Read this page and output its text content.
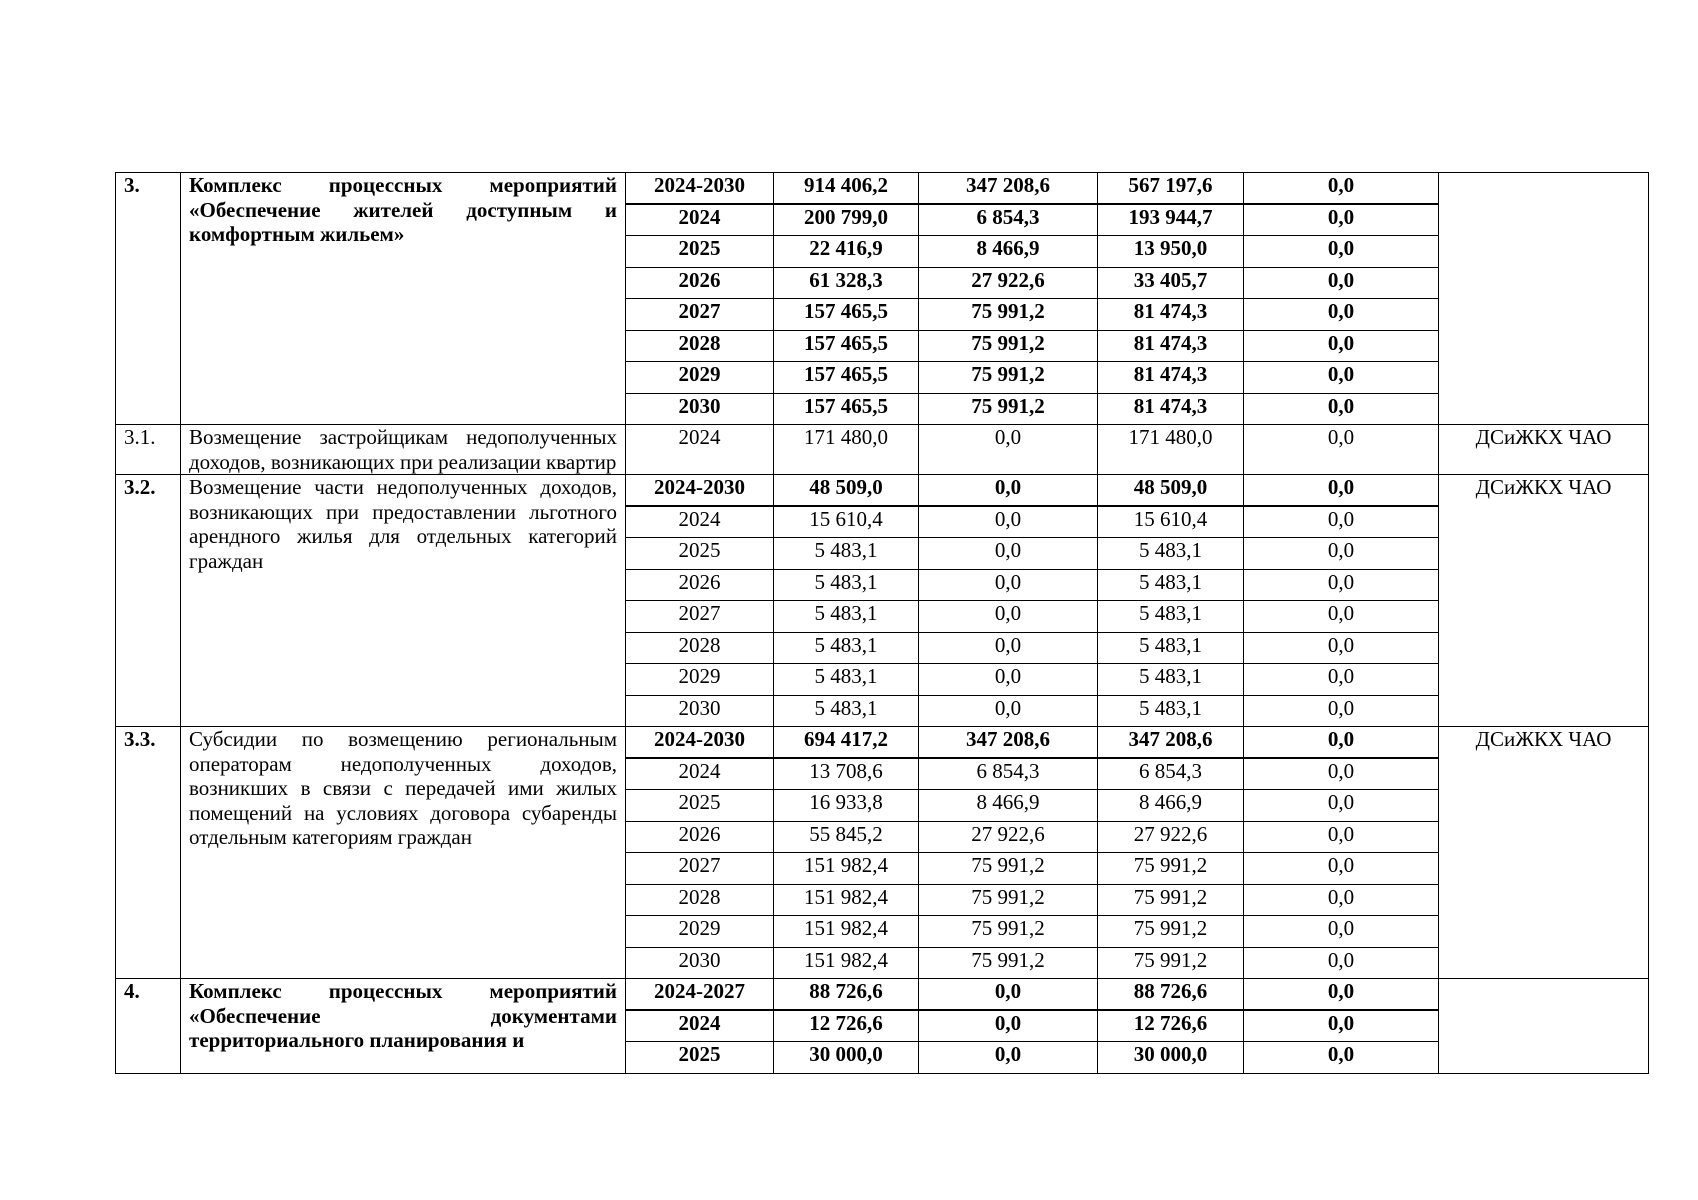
3.	Комплекс процессных мероприятий «Обеспечение жителей доступным и комфортным жильем»	2024-2030	914 406,2	347 208,6	567 197,6	0,0	
		2024	200 799,0	6 854,3	193 944,7	0,0	
		2025	22 416,9	8 466,9	13 950,0	0,0	
		2026	61 328,3	27 922,6	33 405,7	0,0	
		2027	157 465,5	75 991,2	81 474,3	0,0	
		2028	157 465,5	75 991,2	81 474,3	0,0	
		2029	157 465,5	75 991,2	81 474,3	0,0	
		2030	157 465,5	75 991,2	81 474,3	0,0	
3.1.	Возмещение застройщикам недополученных доходов, возникающих при реализации квартир	2024	171 480,0	0,0	171 480,0	0,0	ДСиЖКХ ЧАО
3.2.	Возмещение части недополученных доходов, возникающих при предоставлении льготного арендного жилья для отдельных категорий граждан	2024-2030	48 509,0	0,0	48 509,0	0,0	ДСиЖКХ ЧАО
		2024	15 610,4	0,0	15 610,4	0,0	
		2025	5 483,1	0,0	5 483,1	0,0	
		2026	5 483,1	0,0	5 483,1	0,0	
		2027	5 483,1	0,0	5 483,1	0,0	
		2028	5 483,1	0,0	5 483,1	0,0	
		2029	5 483,1	0,0	5 483,1	0,0	
		2030	5 483,1	0,0	5 483,1	0,0	
3.3.	Субсидии по возмещению региональным операторам недополученных доходов, возникших в связи с передачей ими жилых помещений на условиях договора субаренды отдельным категориям граждан	2024-2030	694 417,2	347 208,6	347 208,6	0,0	ДСиЖКХ ЧАО
		2024	13 708,6	6 854,3	6 854,3	0,0	
		2025	16 933,8	8 466,9	8 466,9	0,0	
		2026	55 845,2	27 922,6	27 922,6	0,0	
		2027	151 982,4	75 991,2	75 991,2	0,0	
		2028	151 982,4	75 991,2	75 991,2	0,0	
		2029	151 982,4	75 991,2	75 991,2	0,0	
		2030	151 982,4	75 991,2	75 991,2	0,0	
4.	Комплекс процессных мероприятий «Обеспечение документами территориального планирования и	2024-2027	88 726,6	0,0	88 726,6	0,0	
		2024	12 726,6	0,0	12 726,6	0,0	
		2025	30 000,0	0,0	30 000,0	0,0	
